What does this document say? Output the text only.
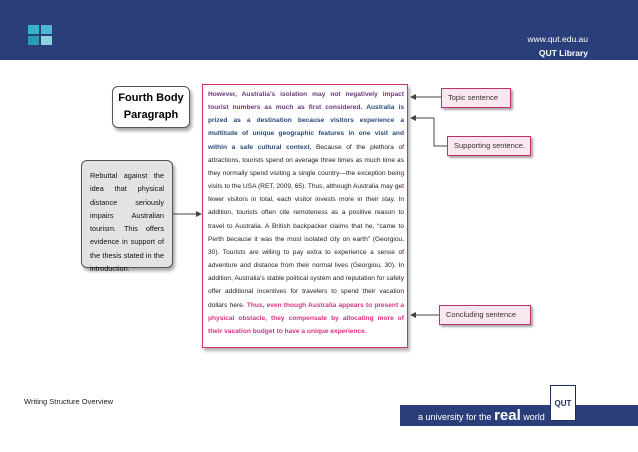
www.qut.edu.au
QUT Library
Fourth Body
Paragraph
Rebuttal against the idea that physical distance seriously impairs Australian tourism. This offers evidence in support of the thesis stated in the introduction.
However, Australia’s isolation may not negatively impact tourist numbers as much as first considered. Australia is prized as a destination because visitors experience a multitude of unique geographic features in one visit and within a safe cultural context. Because of the plethora of attractions, tourists spend on average three times as much time as they normally spend visiting a single country—the exception being visits to the USA (RET, 2009, 65). Thus, although Australia may get fewer visitors in total, each visitor invests more in their stay. In addition, tourists often cite remoteness as a positive reason to travel to Australia. A British backpacker claims that he, “came to Perth because it was the most isolated city on earth” (Georgiou, 30). Tourists are willing to pay extra to experience a sense of adventure and distance from their normal lives (Georgiou, 30). In addition, Australia’s stable political system and reputation for safety offer additional incentives for travelers to spend their vacation dollars here. Thus, even though Australia appears to present a physical obstacle, they compensate by allocating more of their vacation budget to have a unique experience.
Topic sentence
Supporting sentence.
Concluding sentence
Writing Structure Overview
a university for the real world
QUT	6
